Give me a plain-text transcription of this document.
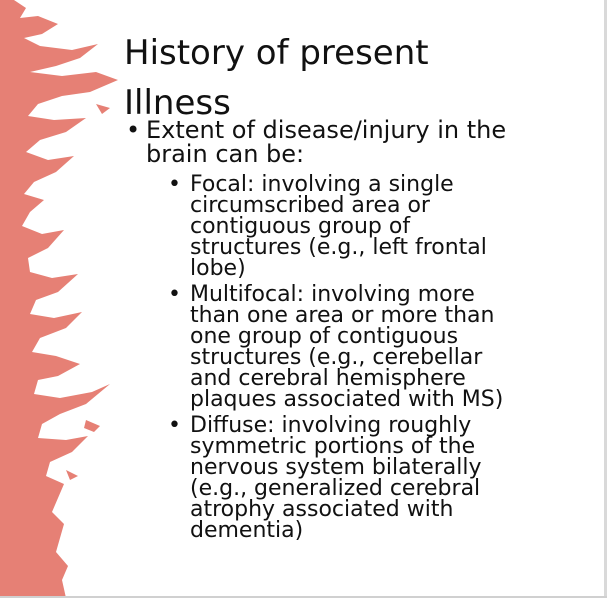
History of present
Illness
• Extent of disease/injury in the
brain can be:
• Focal: involving a single
circumscribed area or
contiguous group of
structures (e.g., left frontal
lobe)
• Multifocal: involving more
than one area or more than
one group of contiguous
structures (e.g., cerebellar
and cerebral hemisphere
plaques associated with MS)
• Diffuse: involving roughly
symmetric portions of the
nervous system bilaterally
(e.g., generalized cerebral
atrophy associated with
dementia)
